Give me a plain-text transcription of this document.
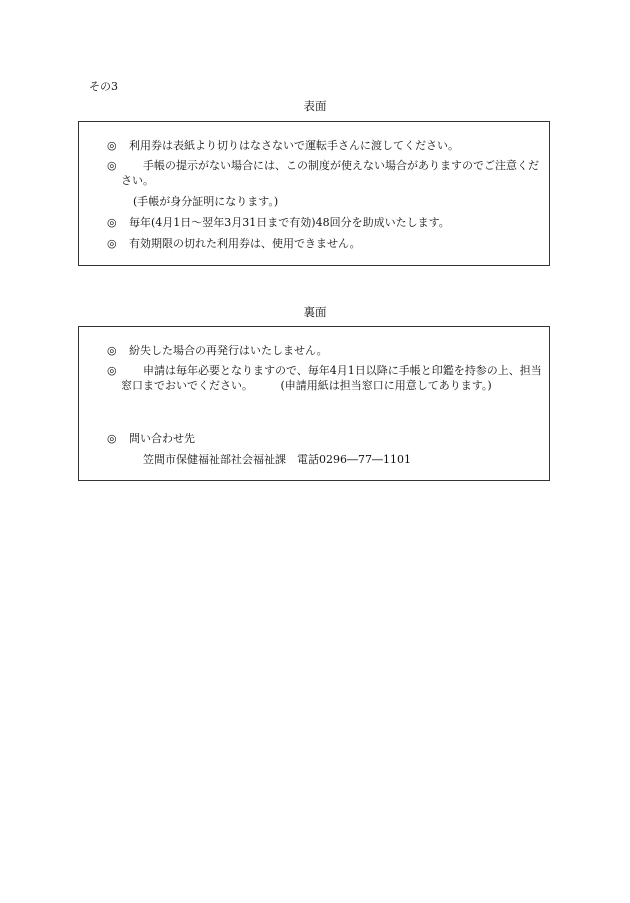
その3
表面
◎	利用券は表紙より切りはなさないで運転手さんに渡してください。
◎	手帳の提示がない場合には、この制度が使えない場合がありますのでご注意ください。
(手帳が身分証明になります。)
◎	毎年(4月1日～翌年3月31日まで有効)48回分を助成いたします。
◎	有効期限の切れた利用券は、使用できません。
裏面
◎	紛失した場合の再発行はいたしません。
◎	申請は毎年必要となりますので、毎年4月1日以降に手帳と印鑑を持参の上、担当窓口までおいでください。　　　(申請用紙は担当窓口に用意してあります。)
◎	問い合わせ先
笠間市保健福祉部社会福祉課　電話0296―77―1101
